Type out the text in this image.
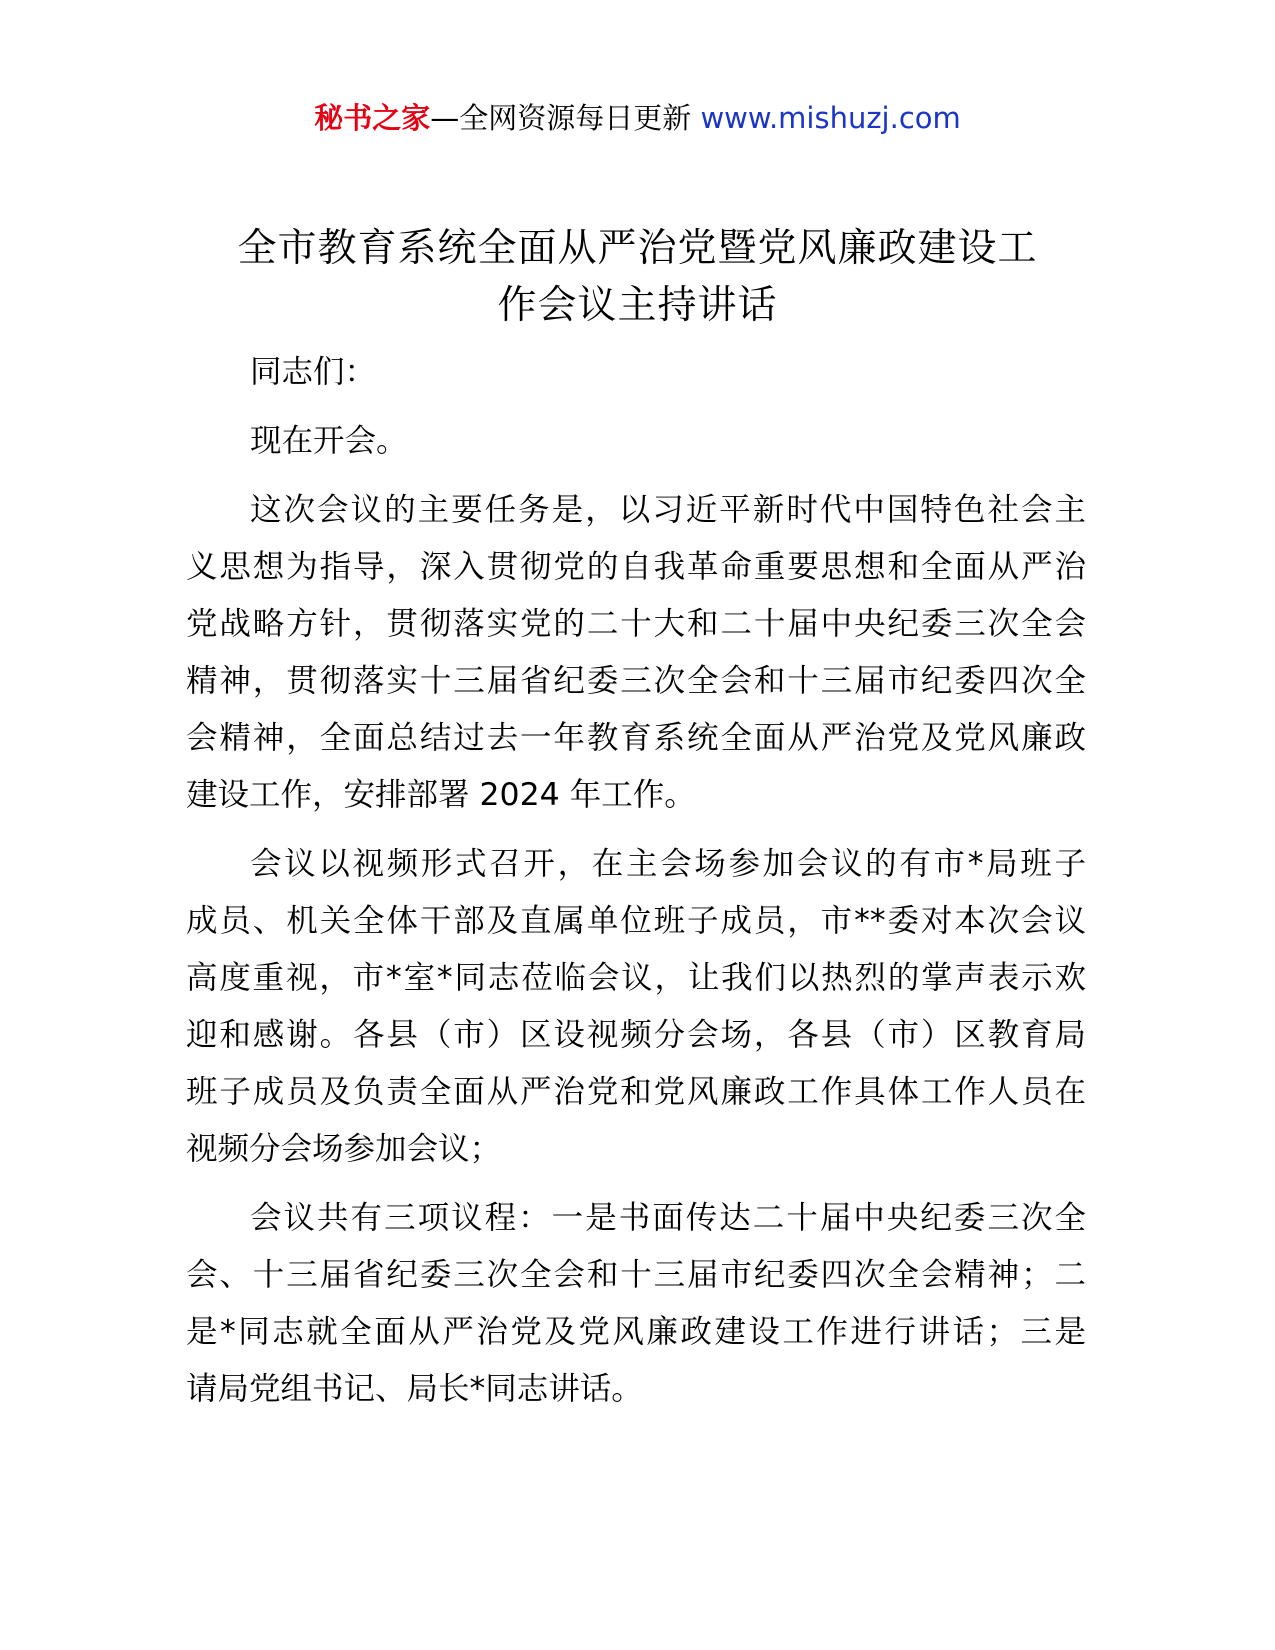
秘书之家—全网资源每日更新 www.mishuzj.com
全市教育系统全面从严治党暨党风廉政建设工
作会议主持讲话
同志们：
现在开会。
这次会议的主要任务是，以习近平新时代中国特色社会主
义思想为指导，深入贯彻党的自我革命重要思想和全面从严治
党战略方针，贯彻落实党的二十大和二十届中央纪委三次全会
精神，贯彻落实十三届省纪委三次全会和十三届市纪委四次全
会精神，全面总结过去一年教育系统全面从严治党及党风廉政
建设工作，安排部署 2024 年工作。
会议以视频形式召开，在主会场参加会议的有市*局班子
成员、机关全体干部及直属单位班子成员，市**委对本次会议
高度重视，市*室*同志莅临会议，让我们以热烈的掌声表示欢
迎和感谢。各县（市）区设视频分会场，各县（市）区教育局
班子成员及负责全面从严治党和党风廉政工作具体工作人员在
视频分会场参加会议；
会议共有三项议程：一是书面传达二十届中央纪委三次全
会、十三届省纪委三次全会和十三届市纪委四次全会精神；二
是*同志就全面从严治党及党风廉政建设工作进行讲话；三是
请局党组书记、局长*同志讲话。
